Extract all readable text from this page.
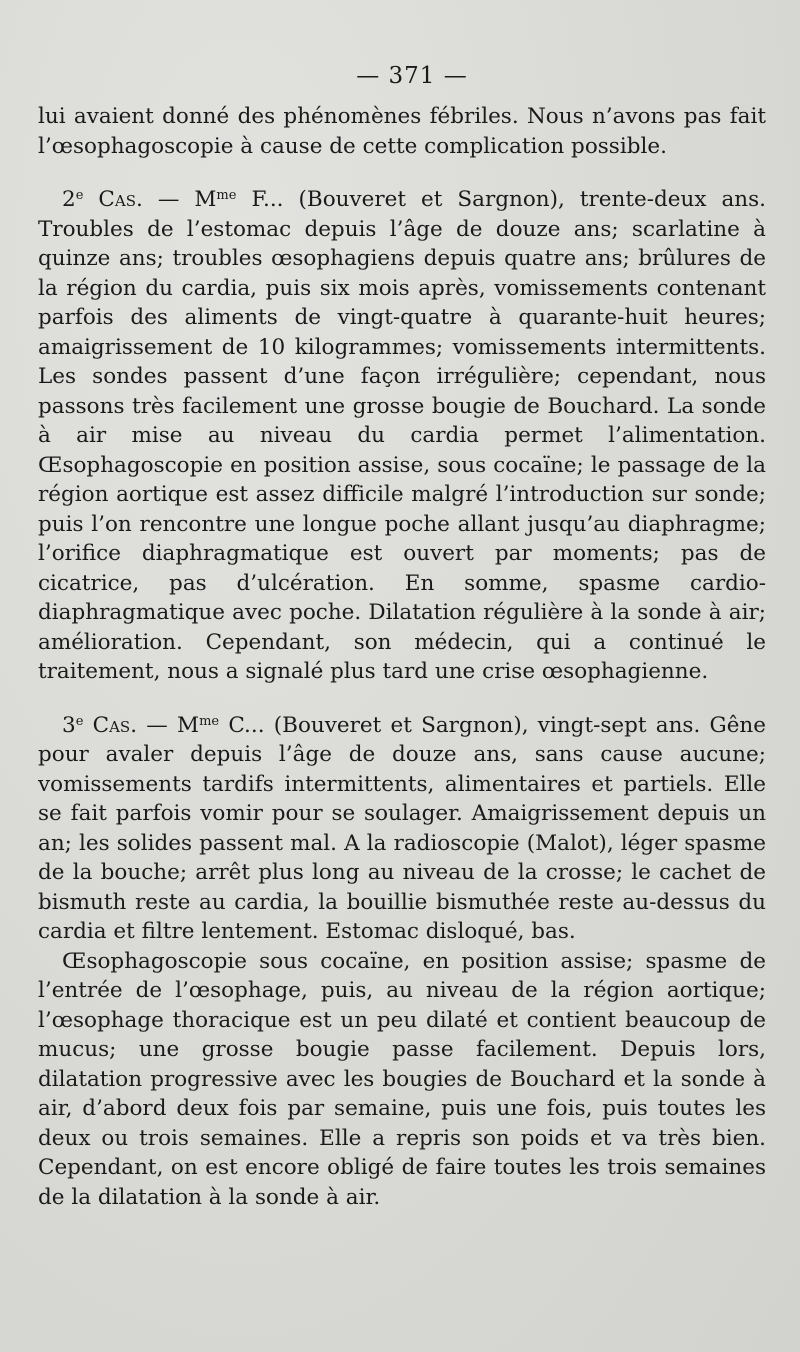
— 371 —

lui avaient donné des phénomènes fébriles. Nous n’avons pas fait l’œsophagoscopie à cause de cette complication possible.

2e Cas. — $M^{me}$ F... (Bouveret et Sargnon), trente-deux ans. Troubles de l’estomac depuis l’âge de douze ans; scarlatine à quinze ans; troubles œsophagiens depuis quatre ans; brûlures de la région du cardia, puis six mois après, vomissements contenant parfois des aliments de vingt-quatre à quarante-huit heures; amaigrissement de 10 kilogrammes; vomissements intermittents. Les sondes passent d’une façon irrégulière; cependant, nous passons très facilement une grosse bougie de Bouchard. La sonde à air mise au niveau du cardia permet l’alimentation. Œsophagoscopie en position assise, sous cocaïne; le passage de la région aortique est assez difficile malgré l’introduction sur sonde; puis l’on rencontre une longue poche allant jusqu’au diaphragme; l’orifice diaphragmatique est ouvert par moments; pas de cicatrice, pas d’ulcération. En somme, spasme cardio-diaphragmatique avec poche. Dilatation régulière à la sonde à air; amélioration. Cependant, son médecin, qui a continué le traitement, nous a signalé plus tard une crise œsophagienne.

3e Cas. — $M^{me}$ C... (Bouveret et Sargnon), vingt-sept ans. Gêne pour avaler depuis l’âge de douze ans, sans cause aucune; vomissements tardifs intermittents, alimentaires et partiels. Elle se fait parfois vomir pour se soulager. Amaigrissement depuis un an; les solides passent mal. A la radioscopie (Malot), léger spasme de la bouche; arrêt plus long au niveau de la crosse; le cachet de bismuth reste au cardia, la bouillie bismuthée reste au-dessus du cardia et filtre lentement. Estomac disloqué, bas.

Œsophagoscopie sous cocaïne, en position assise; spasme de l’entrée de l’œsophage, puis, au niveau de la région aortique; l’œsophage thoracique est un peu dilaté et contient beaucoup de mucus; une grosse bougie passe facilement. Depuis lors, dilatation progressive avec les bougies de Bouchard et la sonde à air, d’abord deux fois par semaine, puis une fois, puis toutes les deux ou trois semaines. Elle a repris son poids et va très bien. Cependant, on est encore obligé de faire toutes les trois semaines de la dilatation à la sonde à air.
